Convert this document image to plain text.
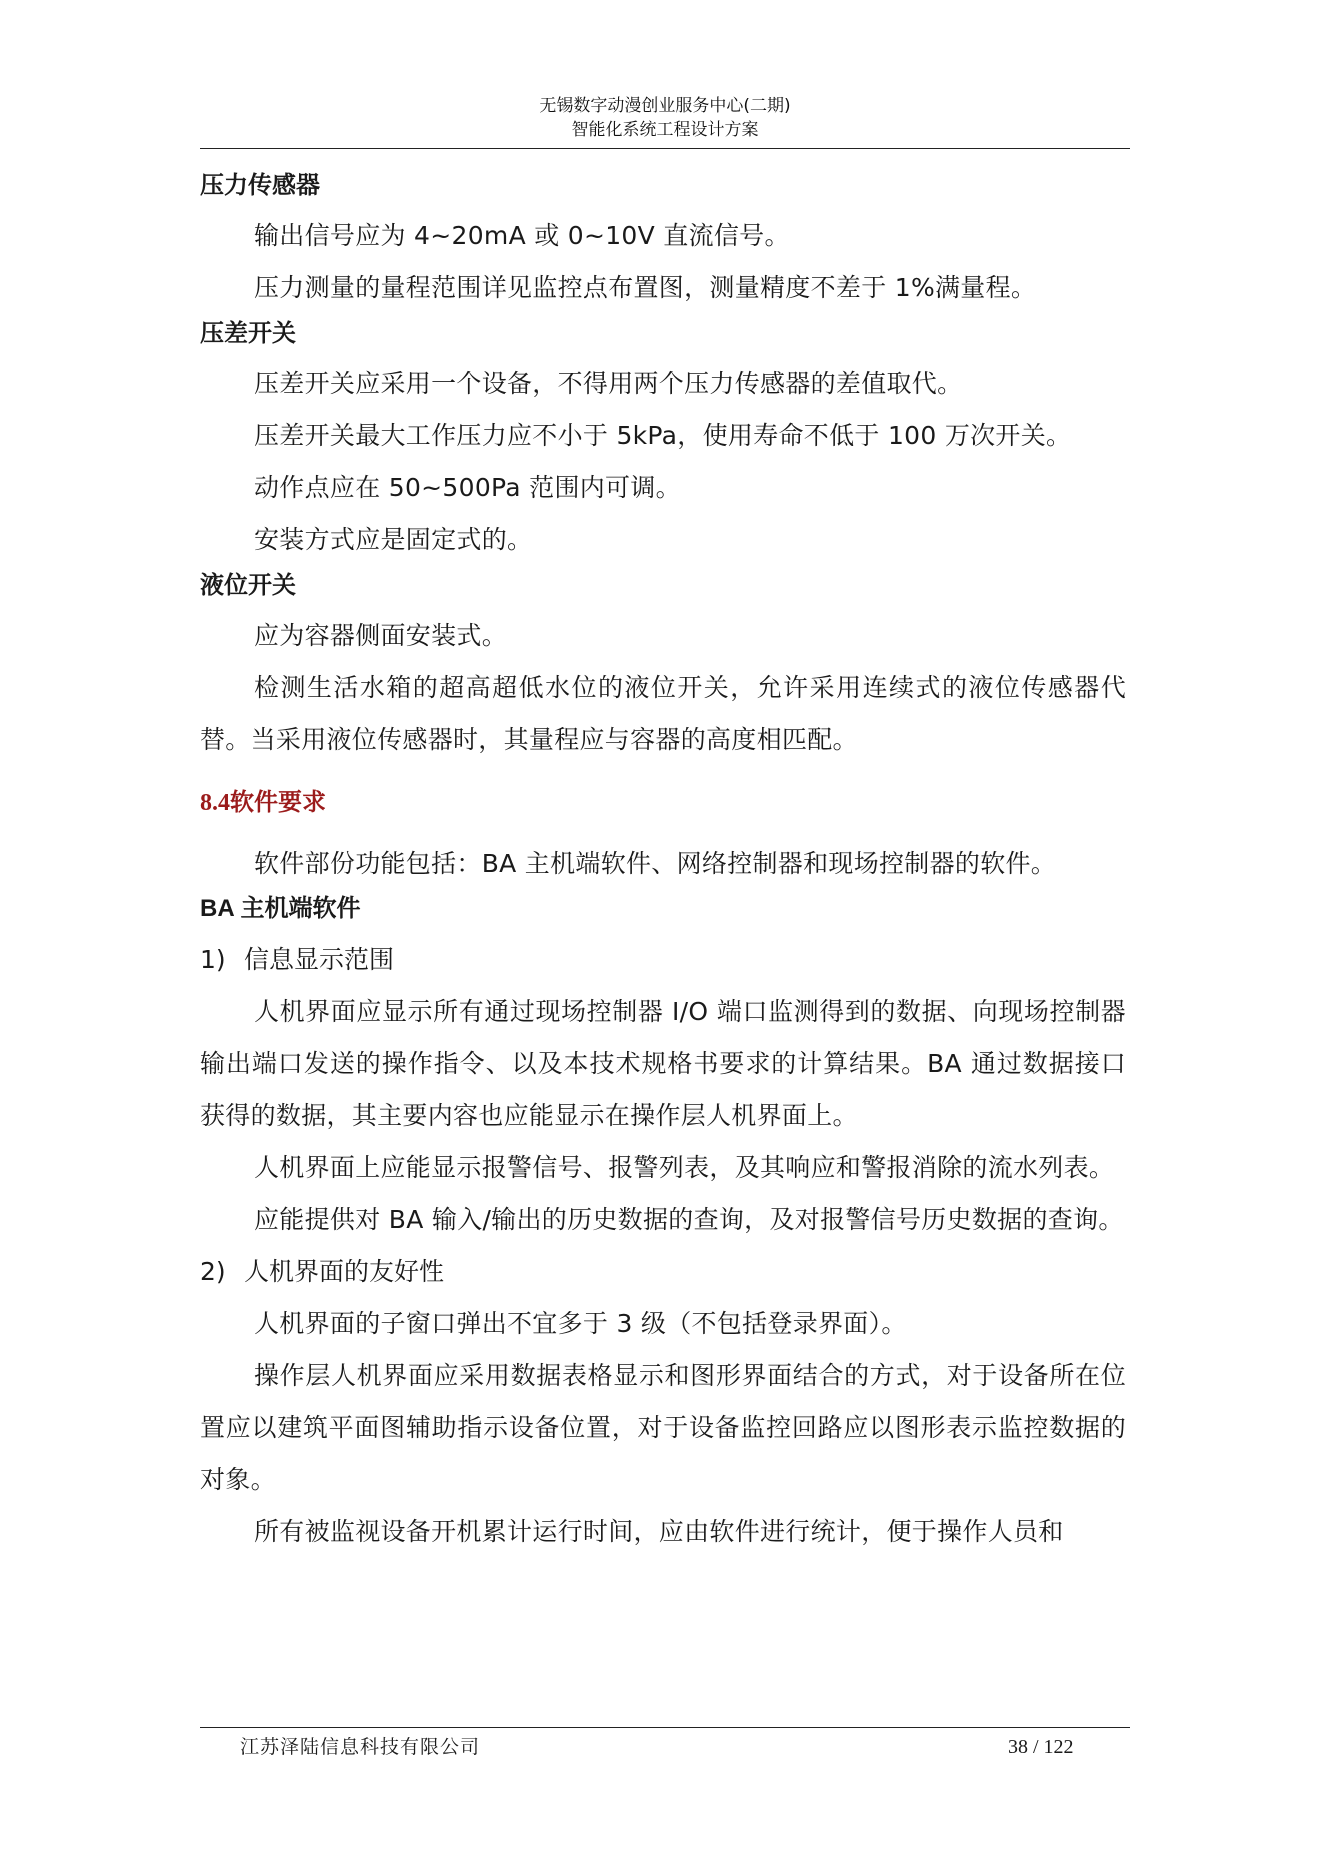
无锡数字动漫创业服务中心(二期)
智能化系统工程设计方案

压力传感器

输出信号应为 4~20mA 或 0~10V 直流信号。

压力测量的量程范围详见监控点布置图，测量精度不差于 1%满量程。

压差开关

压差开关应采用一个设备，不得用两个压力传感器的差值取代。

压差开关最大工作压力应不小于 5kPa，使用寿命不低于 100 万次开关。

动作点应在 50~500Pa 范围内可调。

安装方式应是固定式的。

液位开关

应为容器侧面安装式。

检测生活水箱的超高超低水位的液位开关，允许采用连续式的液位传感器代替。当采用液位传感器时，其量程应与容器的高度相匹配。

8.4软件要求

软件部份功能包括：BA 主机端软件、网络控制器和现场控制器的软件。

BA 主机端软件

1) 信息显示范围

人机界面应显示所有通过现场控制器 I/O 端口监测得到的数据、向现场控制器输出端口发送的操作指令、以及本技术规格书要求的计算结果。BA 通过数据接口获得的数据，其主要内容也应能显示在操作层人机界面上。

人机界面上应能显示报警信号、报警列表，及其响应和警报消除的流水列表。

应能提供对 BA 输入/输出的历史数据的查询，及对报警信号历史数据的查询。

2) 人机界面的友好性

人机界面的子窗口弹出不宜多于 3 级（不包括登录界面）。

操作层人机界面应采用数据表格显示和图形界面结合的方式，对于设备所在位置应以建筑平面图辅助指示设备位置，对于设备监控回路应以图形表示监控数据的对象。

所有被监视设备开机累计运行时间，应由软件进行统计，便于操作人员和

江苏泽陆信息科技有限公司	38 / 122
